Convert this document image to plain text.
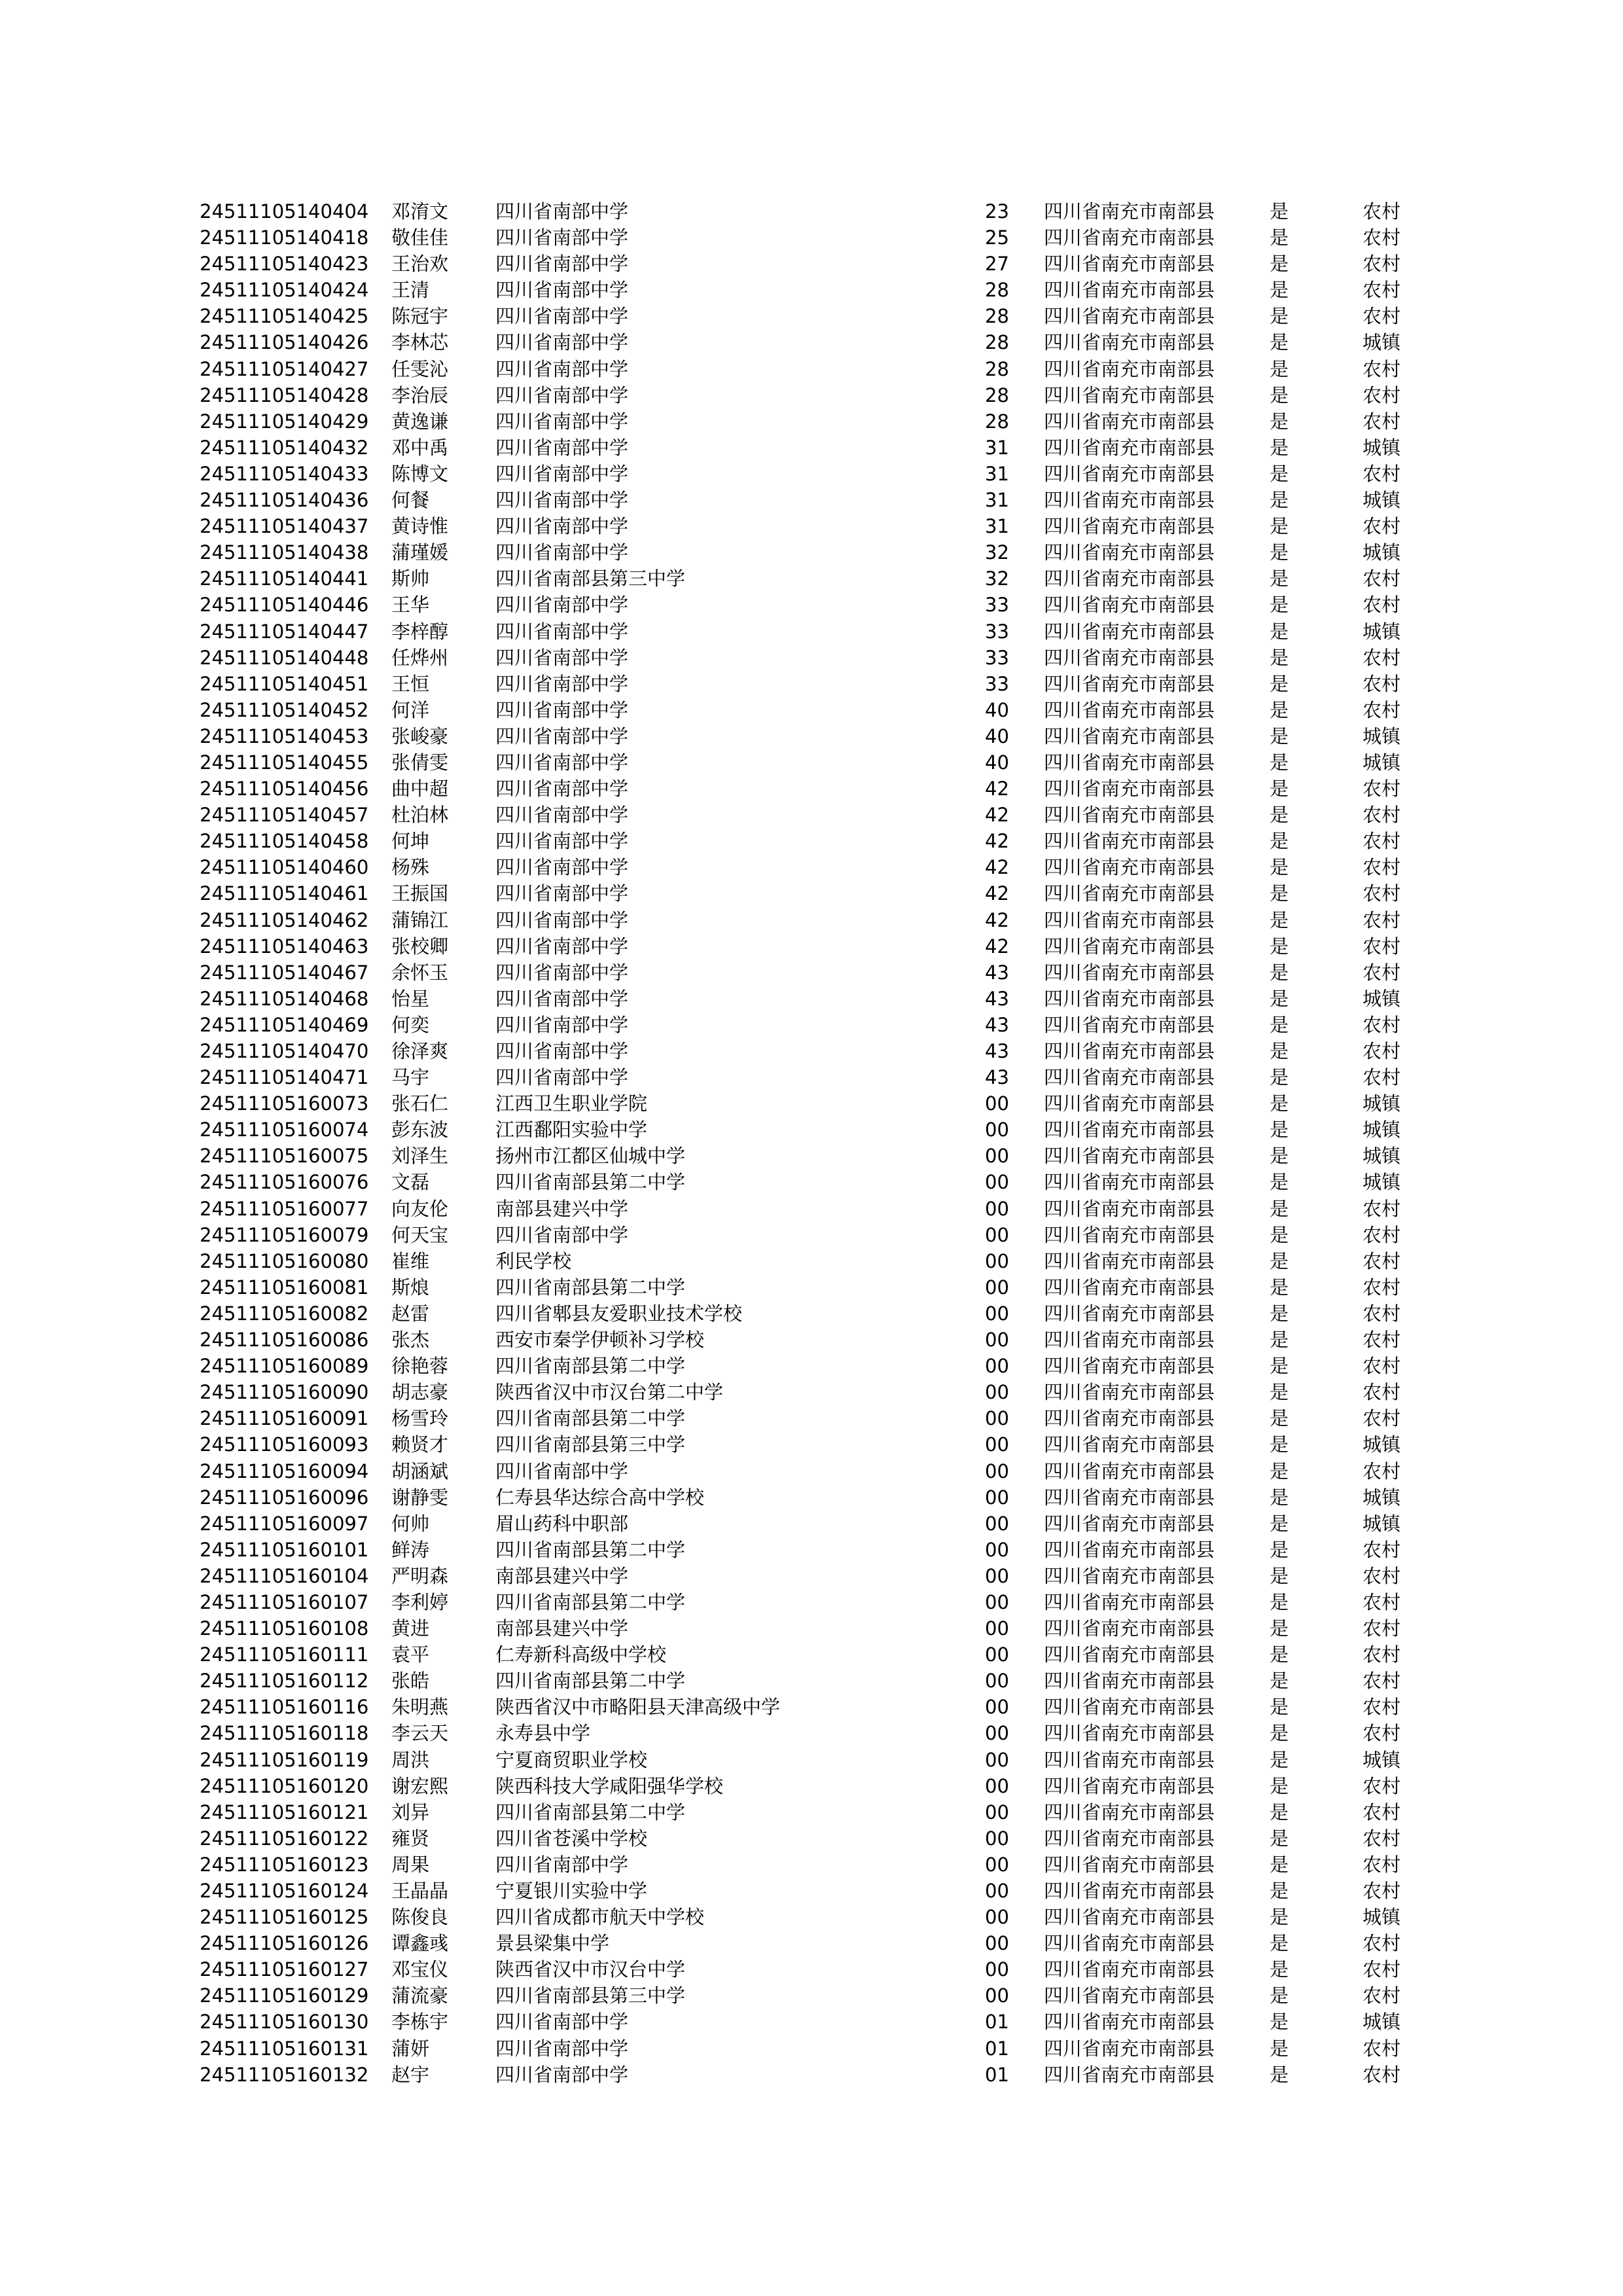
24511105140404 邓淯文 四川省南部中学	23 四川省南充市南部县	是	农村
24511105140418 敬佳佳 四川省南部中学	25 四川省南充市南部县	是	农村
24511105140423 王治欢 四川省南部中学	27 四川省南充市南部县	是	农村
24511105140424 王清	四川省南部中学	28 四川省南充市南部县	是	农村
24511105140425 陈冠宇 四川省南部中学	28 四川省南充市南部县	是	农村
24511105140426 李林芯 四川省南部中学	28 四川省南充市南部县	是	城镇
24511105140427 任雯沁 四川省南部中学	28 四川省南充市南部县	是	农村
24511105140428 李治辰 四川省南部中学	28 四川省南充市南部县	是	农村
24511105140429 黄逸谦 四川省南部中学	28 四川省南充市南部县	是	农村
24511105140432 邓中禹 四川省南部中学	31 四川省南充市南部县	是	城镇
24511105140433 陈博文 四川省南部中学	31 四川省南充市南部县	是	农村
24511105140436 何餐	四川省南部中学	31 四川省南充市南部县	是	城镇
24511105140437 黄诗惟 四川省南部中学	31 四川省南充市南部县	是	农村
24511105140438 蒲瑾媛 四川省南部中学	32 四川省南充市南部县	是	城镇
24511105140441 斯帅	四川省南部县第三中学	32 四川省南充市南部县	是	农村
24511105140446 王华	四川省南部中学	33 四川省南充市南部县	是	农村
24511105140447 李梓醇 四川省南部中学	33 四川省南充市南部县	是	城镇
24511105140448 任烨州 四川省南部中学	33 四川省南充市南部县	是	农村
24511105140451 王恒	四川省南部中学	33 四川省南充市南部县	是	农村
24511105140452 何洋	四川省南部中学	40 四川省南充市南部县	是	农村
24511105140453 张峻豪 四川省南部中学	40 四川省南充市南部县	是	城镇
24511105140455 张倩雯 四川省南部中学	40 四川省南充市南部县	是	城镇
24511105140456 曲中超 四川省南部中学	42 四川省南充市南部县	是	农村
24511105140457 杜泊林 四川省南部中学	42 四川省南充市南部县	是	农村
24511105140458 何坤	四川省南部中学	42 四川省南充市南部县	是	农村
24511105140460 杨殊	四川省南部中学	42 四川省南充市南部县	是	农村
24511105140461 王振国 四川省南部中学	42 四川省南充市南部县	是	农村
24511105140462 蒲锦江 四川省南部中学	42 四川省南充市南部县	是	农村
24511105140463 张校卿 四川省南部中学	42 四川省南充市南部县	是	农村
24511105140467 余怀玉 四川省南部中学	43 四川省南充市南部县	是	农村
24511105140468 怡星	四川省南部中学	43 四川省南充市南部县	是	城镇
24511105140469 何奕	四川省南部中学	43 四川省南充市南部县	是	农村
24511105140470 徐泽爽 四川省南部中学	43 四川省南充市南部县	是	农村
24511105140471 马宇	四川省南部中学	43 四川省南充市南部县	是	农村
24511105160073 张石仁 江西卫生职业学院	00 四川省南充市南部县	是	城镇
24511105160074 彭东波 江西鄱阳实验中学	00 四川省南充市南部县	是	城镇
24511105160075 刘泽生 扬州市江都区仙城中学	00 四川省南充市南部县	是	城镇
24511105160076 文磊	四川省南部县第二中学	00 四川省南充市南部县	是	城镇
24511105160077 向友伦 南部县建兴中学	00 四川省南充市南部县	是	农村
24511105160079 何天宝 四川省南部中学	00 四川省南充市南部县	是	农村
24511105160080 崔维	利民学校	00 四川省南充市南部县	是	农村
24511105160081 斯烺	四川省南部县第二中学	00 四川省南充市南部县	是	农村
24511105160082 赵雷	四川省郫县友爱职业技术学校	00 四川省南充市南部县	是	农村
24511105160086 张杰	西安市秦学伊顿补习学校	00 四川省南充市南部县	是	农村
24511105160089 徐艳蓉 四川省南部县第二中学	00 四川省南充市南部县	是	农村
24511105160090 胡志豪 陕西省汉中市汉台第二中学	00 四川省南充市南部县	是	农村
24511105160091 杨雪玲 四川省南部县第二中学	00 四川省南充市南部县	是	农村
24511105160093 赖贤才 四川省南部县第三中学	00 四川省南充市南部县	是	城镇
24511105160094 胡涵斌 四川省南部中学	00 四川省南充市南部县	是	农村
24511105160096 谢静雯 仁寿县华达综合高中学校	00 四川省南充市南部县	是	城镇
24511105160097 何帅	眉山药科中职部	00 四川省南充市南部县	是	城镇
24511105160101 鲜涛	四川省南部县第二中学	00 四川省南充市南部县	是	农村
24511105160104 严明森 南部县建兴中学	00 四川省南充市南部县	是	农村
24511105160107 李利婷 四川省南部县第二中学	00 四川省南充市南部县	是	农村
24511105160108 黄进	南部县建兴中学	00 四川省南充市南部县	是	农村
24511105160111 袁平	仁寿新科高级中学校	00 四川省南充市南部县	是	农村
24511105160112 张皓	四川省南部县第二中学	00 四川省南充市南部县	是	农村
24511105160116 朱明燕 陕西省汉中市略阳县天津高级中学	00 四川省南充市南部县	是	农村
24511105160118 李云天 永寿县中学	00 四川省南充市南部县	是	农村
24511105160119 周洪	宁夏商贸职业学校	00 四川省南充市南部县	是	城镇
24511105160120 谢宏熙 陕西科技大学咸阳强华学校	00 四川省南充市南部县	是	农村
24511105160121 刘异	四川省南部县第二中学	00 四川省南充市南部县	是	农村
24511105160122 雍贤	四川省苍溪中学校	00 四川省南充市南部县	是	农村
24511105160123 周果	四川省南部中学	00 四川省南充市南部县	是	农村
24511105160124 王晶晶 宁夏银川实验中学	00 四川省南充市南部县	是	农村
24511105160125 陈俊良 四川省成都市航天中学校	00 四川省南充市南部县	是	城镇
24511105160126 谭鑫彧 景县梁集中学	00 四川省南充市南部县	是	农村
24511105160127 邓宝仪 陕西省汉中市汉台中学	00 四川省南充市南部县	是	农村
24511105160129 蒲流豪 四川省南部县第三中学	00 四川省南充市南部县	是	农村
24511105160130 李栋宇 四川省南部中学	01 四川省南充市南部县	是	城镇
24511105160131 蒲妍	四川省南部中学	01 四川省南充市南部县	是	农村
24511105160132 赵宇	四川省南部中学	01 四川省南充市南部县	是	农村
